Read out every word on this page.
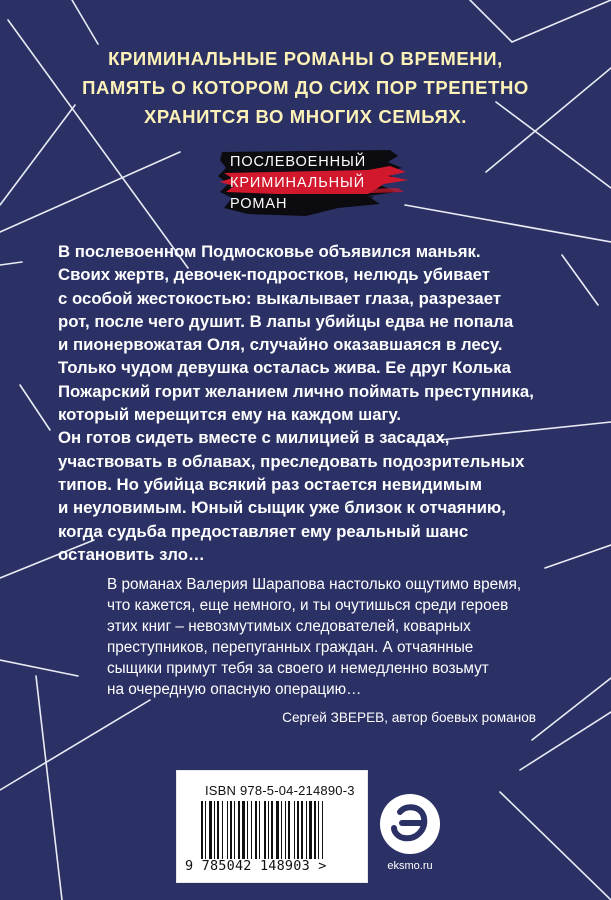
КРИМИНАЛЬНЫЕ РОМАНЫ О ВРЕМЕНИ,
ПАМЯТЬ О КОТОРОМ ДО СИХ ПОР ТРЕПЕТНО
ХРАНИТСЯ ВО МНОГИХ СЕМЬЯХ.
ПОСЛЕВОЕННЫЙ
КРИМИНАЛЬНЫЙ
РОМАН
В послевоенном Подмосковье объявился маньяк.
Своих жертв, девочек-подростков, нелюдь убивает
с особой жестокостью: выкалывает глаза, разрезает
рот, после чего душит. В лапы убийцы едва не попала
и пионервожатая Оля, случайно оказавшаяся в лесу.
Только чудом девушка осталась жива. Ее друг Колька
Пожарский горит желанием лично поймать преступника,
который мерещится ему на каждом шагу.
Он готов сидеть вместе с милицией в засадах,
участвовать в облавах, преследовать подозрительных
типов. Но убийца всякий раз остается невидимым
и неуловимым. Юный сыщик уже близок к отчаянию,
когда судьба предоставляет ему реальный шанс
остановить зло…
В романах Валерия Шарапова настолько ощутимо время,
что кажется, еще немного, и ты очутишься среди героев
этих книг – невозмутимых следователей, коварных
преступников, перепуганных граждан. А отчаянные
сыщики примут тебя за своего и немедленно возьмут
на очередную опасную операцию…
Сергей ЗВЕРЕВ, автор боевых романов
ISBN 978-5-04-214890-3
9 785042 148903 >	eksmo.ru
